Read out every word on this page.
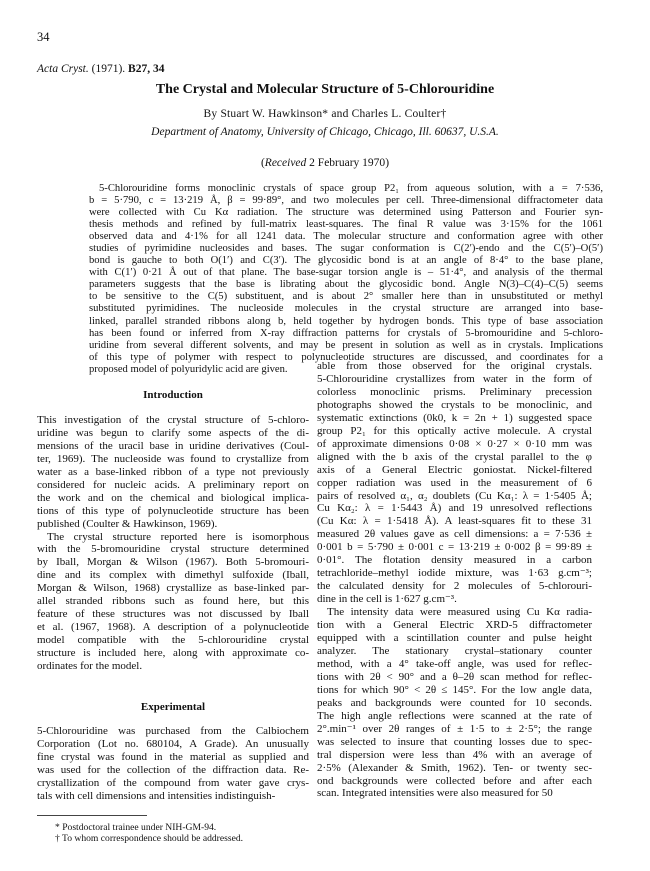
34
Acta Cryst. (1971). B27, 34
The Crystal and Molecular Structure of 5-Chlorouridine
By Stuart W. Hawkinson* and Charles L. Coulter†
Department of Anatomy, University of Chicago, Chicago, Ill. 60637, U.S.A.
(Received 2 February 1970)
5-Chlorouridine forms monoclinic crystals of space group P2₁ from aqueous solution, with a = 7·536,
b = 5·790, c = 13·219 Å, β = 99·89°, and two molecules per cell. Three-dimensional diffractometer data
were collected with Cu Kα radiation. The structure was determined using Patterson and Fourier syn-
thesis methods and refined by full-matrix least-squares. The final R value was 3·15% for the 1061
observed data and 4·1% for all 1241 data. The molecular structure and conformation agree with other
studies of pyrimidine nucleosides and bases. The sugar conformation is C(2′)-endo and the C(5′)–O(5′)
bond is gauche to both O(1′) and C(3′). The glycosidic bond is at an angle of 8·4° to the base plane,
with C(1′) 0·21 Å out of that plane. The base-sugar torsion angle is – 51·4°, and analysis of the thermal
parameters suggests that the base is librating about the glycosidic bond. Angle N(3)–C(4)–C(5) seems
to be sensitive to the C(5) substituent, and is about 2° smaller here than in unsubstituted or methyl
substituted pyrimidines. The nucleoside molecules in the crystal structure are arranged into base-
linked, parallel stranded ribbons along b, held together by hydrogen bonds. This type of base association
has been found or inferred from X-ray diffraction patterns for crystals of 5-bromouridine and 5-chloro-
uridine from several different solvents, and may be present in solution as well as in crystals. Implications
of this type of polymer with respect to polynucleotide structures are discussed, and coordinates for a
proposed model of polyuridylic acid are given.
Introduction
This investigation of the crystal structure of 5-chloro-
uridine was begun to clarify some aspects of the di-
mensions of the uracil base in uridine derivatives (Coul-
ter, 1969). The nucleoside was found to crystallize from
water as a base-linked ribbon of a type not previously
considered for nucleic acids. A preliminary report on
the work and on the chemical and biological implica-
tions of this type of polynucleotide structure has been
published (Coulter & Hawkinson, 1969).
The crystal structure reported here is isomorphous
with the 5-bromouridine crystal structure determined
by Iball, Morgan & Wilson (1967). Both 5-bromouri-
dine and its complex with dimethyl sulfoxide (Iball,
Morgan & Wilson, 1968) crystallize as base-linked par-
allel stranded ribbons such as found here, but this
feature of these structures was not discussed by Iball
et al. (1967, 1968). A description of a polynucleotide
model compatible with the 5-chlorouridine crystal
structure is included here, along with approximate co-
ordinates for the model.
Experimental
5-Chlorouridine was purchased from the Calbiochem
Corporation (Lot no. 680104, A Grade). An unusually
fine crystal was found in the material as supplied and
was used for the collection of the diffraction data. Re-
crystallization of the compound from water gave crys-
tals with cell dimensions and intensities indistinguish-
able from those observed for the original crystals.
5-Chlorouridine crystallizes from water in the form of
colorless monoclinic prisms. Preliminary precession
photographs showed the crystals to be monoclinic, and
systematic extinctions (0k0, k = 2n + 1) suggested space
group P2₁ for this optically active molecule. A crystal
of approximate dimensions 0·08 × 0·27 × 0·10 mm was
aligned with the b axis of the crystal parallel to the φ
axis of a General Electric goniostat. Nickel-filtered
copper radiation was used in the measurement of 6
pairs of resolved α₁, α₂ doublets (Cu Kα₁: λ = 1·5405 Å;
Cu Kα₂: λ = 1·5443 Å) and 19 unresolved reflections
(Cu Kα: λ = 1·5418 Å). A least-squares fit to these 31
measured 2θ values gave as cell dimensions: a = 7·536 ±
0·001 b = 5·790 ± 0·001 c = 13·219 ± 0·002 β = 99·89 ±
0·01°. The flotation density measured in a carbon
tetrachloride–methyl iodide mixture, was 1·63 g.cm⁻³;
the calculated density for 2 molecules of 5-chlorouri-
dine in the cell is 1·627 g.cm⁻³.
The intensity data were measured using Cu Kα radia-
tion with a General Electric XRD-5 diffractometer
equipped with a scintillation counter and pulse height
analyzer. The stationary crystal–stationary counter
method, with a 4° take-off angle, was used for reflec-
tions with 2θ < 90° and a θ–2θ scan method for reflec-
tions for which 90° < 2θ ≤ 145°. For the low angle data,
peaks and backgrounds were counted for 10 seconds.
The high angle reflections were scanned at the rate of
2°.min⁻¹ over 2θ ranges of ± 1·5 to ± 2·5°; the range
was selected to insure that counting losses due to spec-
tral dispersion were less than 4% with an average of
2·5% (Alexander & Smith, 1962). Ten- or twenty sec-
ond backgrounds were collected before and after each
scan. Integrated intensities were also measured for 50
* Postdoctoral trainee under NIH-GM-94.
† To whom correspondence should be addressed.
